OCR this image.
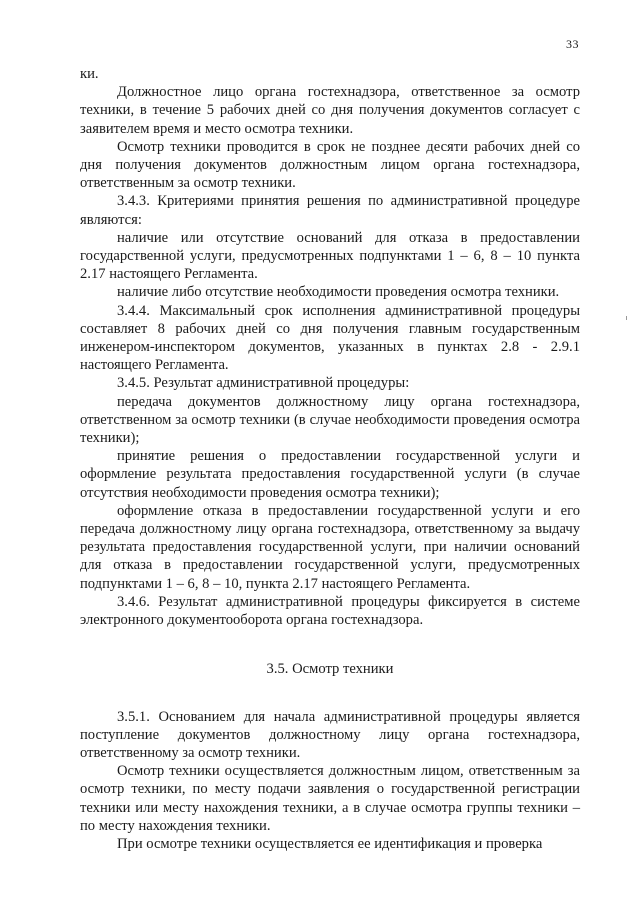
33

ки.

Должностное лицо органа гостехнадзора, ответственное за осмотр техники, в течение 5 рабочих дней со дня получения документов согласует с заявителем время и место осмотра техники.

Осмотр техники проводится в срок не позднее десяти рабочих дней со дня получения документов должностным лицом органа гостехнадзора, ответственным за осмотр техники.

3.4.3. Критериями принятия решения по административной процедуре являются:

наличие или отсутствие оснований для отказа в предоставлении государственной услуги, предусмотренных подпунктами 1 – 6, 8 – 10 пункта 2.17 настоящего Регламента.

наличие либо отсутствие необходимости проведения осмотра техники.

3.4.4. Максимальный срок исполнения административной процедуры составляет 8 рабочих дней со дня получения главным государственным инженером-инспектором документов, указанных в пунктах 2.8 - 2.9.1 настоящего Регламента.

3.4.5. Результат административной процедуры:

передача документов должностному лицу органа гостехнадзора, ответственном за осмотр техники (в случае необходимости проведения осмотра техники);

принятие решения о предоставлении государственной услуги и оформление результата предоставления государственной услуги (в случае отсутствия необходимости проведения осмотра техники);

оформление отказа в предоставлении государственной услуги и его передача должностному лицу органа гостехнадзора, ответственному за выдачу результата предоставления государственной услуги, при наличии оснований для отказа в предоставлении государственной услуги, предусмотренных подпунктами 1 – 6, 8 – 10, пункта 2.17 настоящего Регламента.

3.4.6. Результат административной процедуры фиксируется в системе электронного документооборота органа гостехнадзора.

3.5. Осмотр техники

3.5.1. Основанием для начала административной процедуры является поступление документов должностному лицу органа гостехнадзора, ответственному за осмотр техники.

Осмотр техники осуществляется должностным лицом, ответственным за осмотр техники, по месту подачи заявления о государственной регистрации техники или месту нахождения техники, а в случае осмотра группы техники – по месту нахождения техники.

При осмотре техники осуществляется ее идентификация и проверка
